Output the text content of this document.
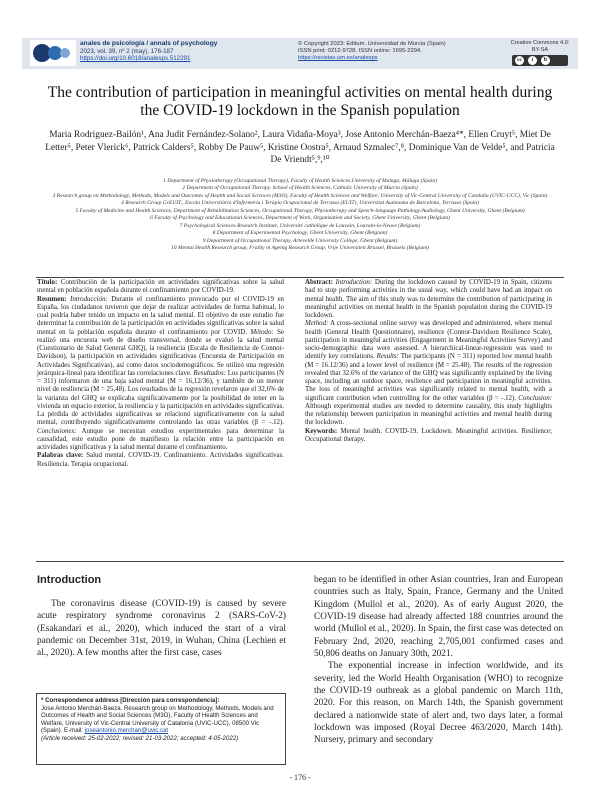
anales de psicología / annals of psychology
2023, vol. 39, nº 2 (may), 176-187
https://doi.org/10.6018/analesps.512291
© Copyright 2023: Editum. Universidad de Murcia (Spain)
ISSN print: 0212-9728. ISSN online: 1695-2294.
https://revistas.um.es/analesps
Creative Commons 4.0: BY-SA
cc	i	↻
The contribution of participation in meaningful activities on mental health during the COVID-19 lockdown in the Spanish population
Maria Rodriguez-Bailón¹, Ana Judit Fernández-Solano², Laura Vidaña-Moya³, Jose Antonio Merchán-Baeza⁴*, Ellen Cruyt⁵, Miet De Letter⁵, Peter Vlerick⁶, Patrick Calders⁵, Robby De Pauw⁵, Kristine Oostra⁵, Arnaud Szmalec⁷,⁸, Dominique Van de Velde⁵, and Patricia De Vriendt⁵,⁹,¹⁰
1 Department of Physiotherapy (Occupational Therapy), Faculty of Health Sciences.University of Malaga, Málaga (Spain)
2 Department of Occupational Therapy. School of Health Sciences, Catholic University of Murcia (Spain)
3 Research group on Methodology, Methods, Models and Outcomes of Health and Social Sciences (M3O), Faculty of Health Sciences and Welfare, University of Vic-Central University of Cataluña (UVIC-UCC), Vic (Spain)
4 Research Group GrEUIT., Escola Universitària d'Infermeria i Teràpia Ocupacional de Terrassa (EUIT), Universitat Autònoma de Barcelona, Terrassa (Spain)
5 Faculty of Medicine and Health Sciences, Department of Rehabilitation Sciences, Occupational Therapy, Physiotherapy and Speech-language Pathology/Audiology, Ghent University, Ghent (Belgium)
6 Faculty of Psychology and Educational Sciences, Department of Work, Organization and Society, Ghent University, Ghent (Belgium)
7 Psychological Sciences Research Institute, Université catholique de Louvain, Louvain-la-Neuve (Belgium)
8 Department of Experimental Psychology, Ghent University, Ghent (Belgium)
9 Department of Occupational Therapy, Artevelde University College, Ghent (Belgium)
10 Mental Health Research group, Frailty in Ageing Research Group, Vrije Universiteit Brussel, Brussels (Belgium)

Título: Contribución de la participación en actividades significativas sobre la salud mental en población española durante el confinamiento por COVID-19.

Resumen: Introducción: Durante el confinamiento provocado por el COVID-19 en España, los ciudadanos tuvieron que dejar de realizar actividades de forma habitual, lo cual podría haber tenido un impacto en la salud mental. El objetivo de este estudio fue determinar la contribución de la participación en actividades significativas sobre la salud mental en la población española durante el confinamiento por COVID. Método: Se realizó una encuesta web de diseño transversal, donde se evaluó la salud mental (Cuestionario de Salud General GHQ), la resiliencia (Escala de Resiliencia de Connor-Davidson), la participación en actividades significativas (Encuesta de Participación en Actividades Significativas), así como datos sociodemográficos. Se utilizó una regresión jerárquica-lineal para identificar las correlaciones clave. Resultados: Los participantes (N = 311) informaron de una baja salud mental (M = 16,12/36), y también de un menor nivel de resiliencia (M = 25,48). Los resultados de la regresión revelaron que el 32,6% de la varianza del GHQ se explicaba significativamente por la posibilidad de tener en la vivienda un espacio exterior, la resiliencia y la participación en actividades significativas. La pérdida de actividades significativas se relacionó significativamente con la salud mental, contribuyendo significativamente controlando las otras variables (β = -.12). Conclusiones: Aunque se necesitan estudios experimentales para determinar la causalidad, este estudio pone de manifiesto la relación entre la participación en actividades significativas y la salud mental durante el confinamiento.

Palabras clave: Salud mental. COVID-19. Confinamiento. Actividades significativas. Resiliencia. Terapia ocupacional.

Abstract: Introduction: During the lockdown caused by COVID-19 in Spain, citizens had to stop performing activities in the usual way, which could have had an impact on mental health. The aim of this study was to determine the contribution of participating in meaningful activities on mental health in the Spanish population during the COVID-19 lockdown.
Method: A cross-sectional online survey was developed and administered, where mental health (General Health Questionnaire), resilience (Connor-Davidson Resilience Scale), participation in meaningful activities (Engagement in Meaningful Activities Survey) and socio-demographic data were assessed. A hierarchical-linear-regression was used to identify key correlations. Results: The participants (N = 311) reported low mental health (M = 16.12/36) and a lower level of resilience (M = 25.48). The results of the regression revealed that 32.6% of the variance of the GHQ was significantly explained by the living space, including an outdoor space, resilience and participation in meaningful activities. The loss of meaningful activities was significantly related to mental health, with a significant contribution when controlling for the other variables (β = -.12). Conclusion: Although experimental studies are needed to determine causality, this study highlights the relationship between participation in meaningful activities and mental health during the lockdown.

Keywords: Mental health. COVID-19. Lockdown. Meaningful activities. Resilience; Occupational therapy.

Introduction

The coronavirus disease (COVID-19) is caused by severe acute respiratory syndrome coronavirus 2 (SARS-CoV-2) (Esakandari et al., 2020), which induced the start of a viral pandemic on December 31st, 2019, in Wuhan, China (Lechien et al., 2020). A few months after the first case, cases

began to be identified in other Asian countries, Iran and European countries such as Italy, Spain, France, Germany and the United Kingdom (Mullol et al., 2020). As of early August 2020, the COVID-19 disease had already affected 188 countries around the world (Mullol et al., 2020). In Spain, the first case was detected on February 2nd, 2020, reaching 2,705,001 confirmed cases and 50,806 deaths on January 30th, 2021.

The exponential increase in infection worldwide, and its severity, led the World Health Organisation (WHO) to recognize the COVID-19 outbreak as a global pandemic on March 11th, 2020. For this reason, on March 14th, the Spanish government declared a nationwide state of alert and, two days later, a formal lockdown was imposed (Royal Decree 463/2020, March 14th). Nursery, primary and secondary

* Correspondence address [Dirección para correspondencia]:
Jose Antonio Merchán-Baeza. Research group on Methodology, Methods, Models and Outcomes of Health and Social Sciences (M3O), Faculty of Health Sciences and Welfare, University of Vic-Central University of Catalonia (UVIC-UCC), 08500 Vic (Spain). E-mail: joseantonio.merchan@uvic.cat
(Article received: 25-02-2022; revised: 21-03-2022; accepted: 4-05-2022)
- 176 -
